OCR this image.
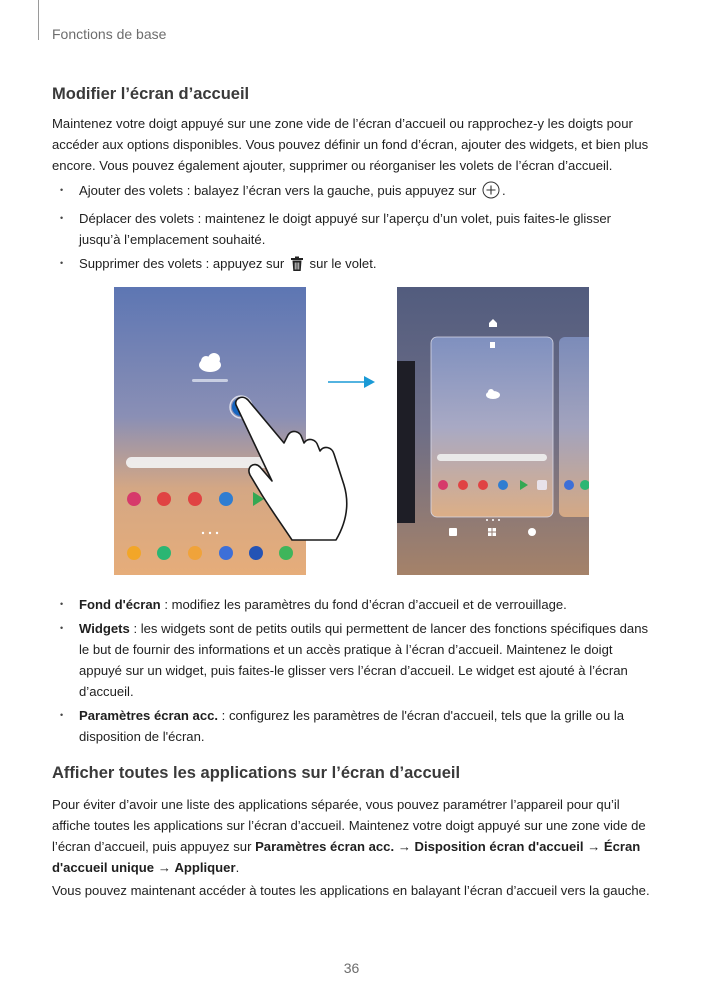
Fonctions de base
Modifier l’écran d’accueil

Maintenez votre doigt appuyé sur une zone vide de l’écran d’accueil ou rapprochez-y les doigts pour accéder aux options disponibles. Vous pouvez définir un fond d’écran, ajouter des widgets, et bien plus encore. Vous pouvez également ajouter, supprimer ou réorganiser les volets de l’écran d’accueil.

• Ajouter des volets : balayez l’écran vers la gauche, puis appuyez sur .
• Déplacer des volets : maintenez le doigt appuyé sur l’aperçu d’un volet, puis faites-le glisser jusqu’à l’emplacement souhaité.
• Supprimer des volets : appuyez sur sur le volet.
• Fond d'écran : modifiez les paramètres du fond d’écran d’accueil et de verrouillage.
• Widgets : les widgets sont de petits outils qui permettent de lancer des fonctions spécifiques dans le but de fournir des informations et un accès pratique à l’écran d’accueil. Maintenez le doigt appuyé sur un widget, puis faites-le glisser vers l’écran d’accueil. Le widget est ajouté à l’écran d’accueil.
• Paramètres écran acc. : configurez les paramètres de l'écran d'accueil, tels que la grille ou la disposition de l'écran.
Afficher toutes les applications sur l’écran d’accueil

Pour éviter d’avoir une liste des applications séparée, vous pouvez paramétrer l’appareil pour qu’il affiche toutes les applications sur l’écran d’accueil. Maintenez votre doigt appuyé sur une zone vide de l’écran d’accueil, puis appuyez sur Paramètres écran acc. → Disposition écran d'accueil → Écran d'accueil unique → Appliquer.

Vous pouvez maintenant accéder à toutes les applications en balayant l’écran d’accueil vers la gauche.

36
